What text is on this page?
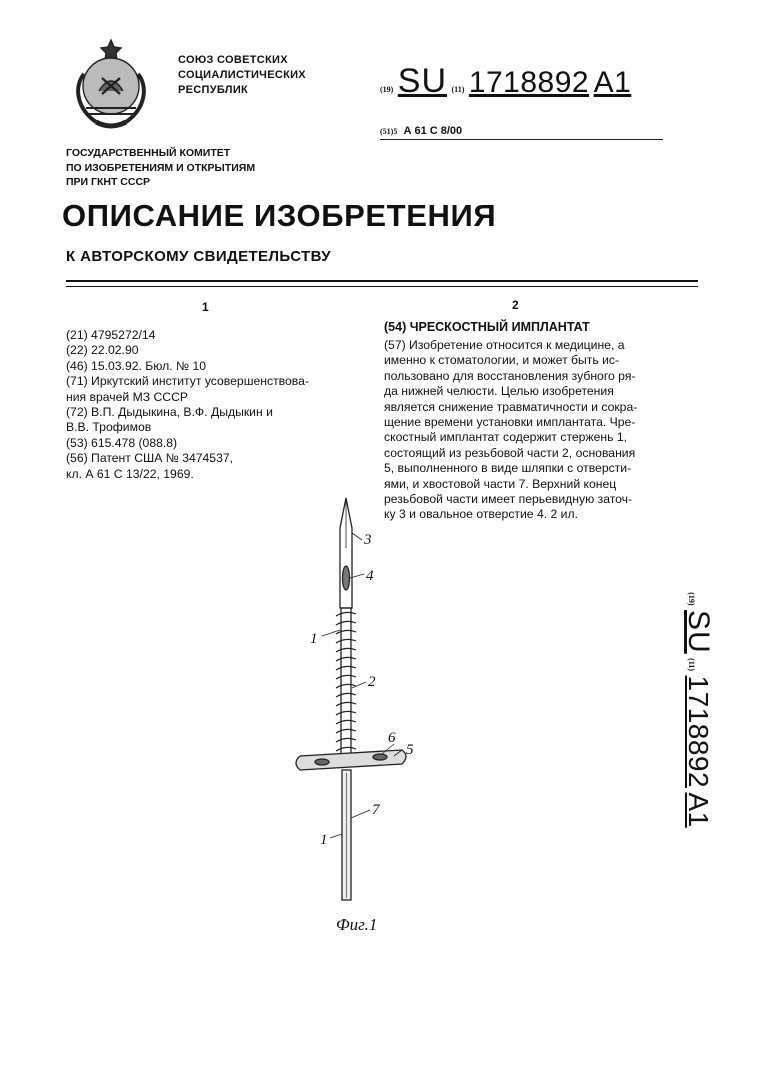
СОЮЗ СОВЕТСКИХ
СОЦИАЛИСТИЧЕСКИХ
РЕСПУБЛИК	(19) SU (11) 1718892 A1
(51)5 А 61 С 8/00
ГОСУДАРСТВЕННЫЙ КОМИТЕТ
ПО ИЗОБРЕТЕНИЯМ И ОТКРЫТИЯМ
ПРИ ГКНТ СССР
ОПИСАНИЕ ИЗОБРЕТЕНИЯ
К АВТОРСКОМУ СВИДЕТЕЛЬСТВУ
1	2
(21) 4795272/14
(22) 22.02.90
(46) 15.03.92. Бюл. № 10
(71) Иркутский институт усовершенствова-
ния врачей МЗ СССР
(72) В.П. Дыдыкина, В.Ф. Дыдыкин и
В.В. Трофимов
(53) 615.478 (088.8)
(56) Патент США № 3474537,
кл. А 61 С 13/22, 1969.
(54) ЧРЕСКОСТНЫЙ ИМПЛАНТАТ
(57) Изобретение относится к медицине, а
именно к стоматологии, и может быть ис-
пользовано для восстановления зубного ря-
да нижней челюсти. Целью изобретения
является снижение травматичности и сокра-
щение времени установки имплантата. Чре-
скостный имплантат содержит стержень 1,
состоящий из резьбовой части 2, основания
5, выполненного в виде шляпки с отверсти-
ями, и хвостовой части 7. Верхний конец
резьбовой части имеет перьевидную заточ-
ку 3 и овальное отверстие 4. 2 ил.
3
4
1
2
6
5
7
1
Фиг.1
(19) SU (11) 1718892 A1
